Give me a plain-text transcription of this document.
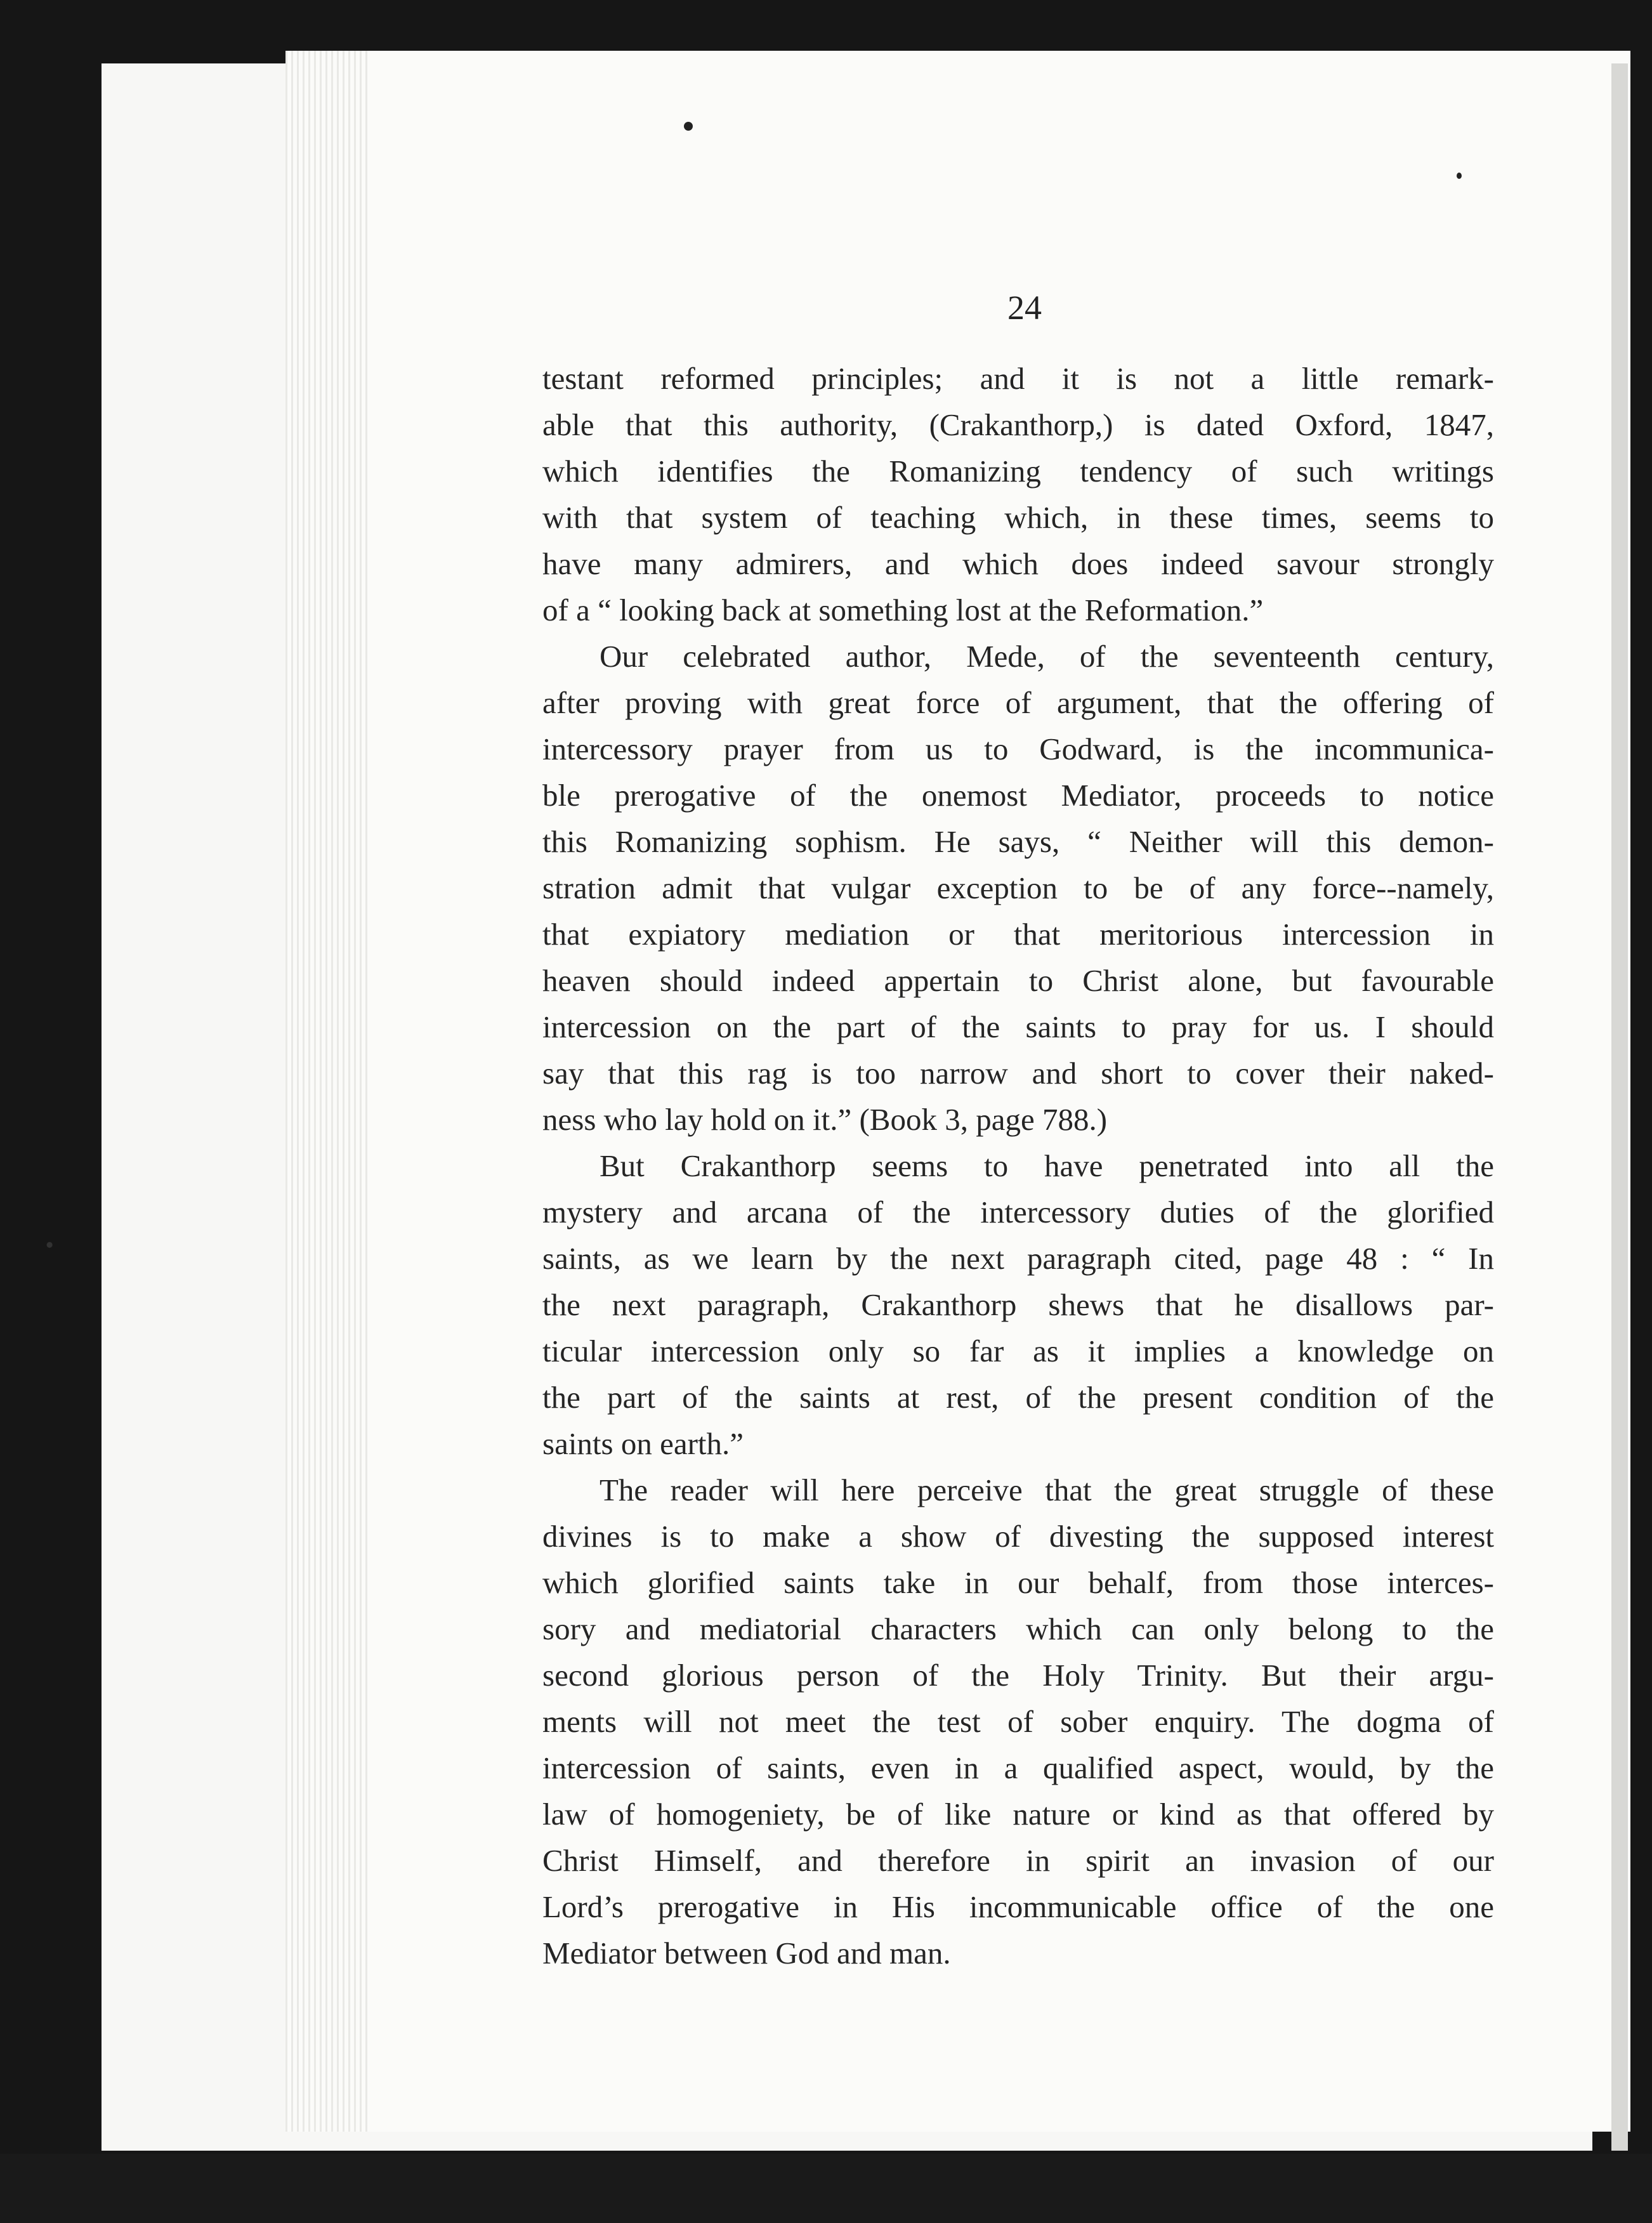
24
testant reformed principles; and it is not a little remark-
able that this authority, (Crakanthorp,) is dated Oxford, 1847,
which identifies the Romanizing tendency of such writings
with that system of teaching which, in these times, seems to
have many admirers, and which does indeed savour strongly
of a “ looking back at something lost at the Reformation.”
Our celebrated author, Mede, of the seventeenth century,
after proving with great force of argument, that the offering of
intercessory prayer from us to Godward, is the incommunica-
ble prerogative of the onemost Mediator, proceeds to notice
this Romanizing sophism. He says, “ Neither will this demon-
stration admit that vulgar exception to be of any force--namely,
that expiatory mediation or that meritorious intercession in
heaven should indeed appertain to Christ alone, but favourable
intercession on the part of the saints to pray for us. I should
say that this rag is too narrow and short to cover their naked-
ness who lay hold on it.” (Book 3, page 788.)
But Crakanthorp seems to have penetrated into all the
mystery and arcana of the intercessory duties of the glorified
saints, as we learn by the next paragraph cited, page 48 : “ In
the next paragraph, Crakanthorp shews that he disallows par-
ticular intercession only so far as it implies a knowledge on
the part of the saints at rest, of the present condition of the
saints on earth.”
The reader will here perceive that the great struggle of these
divines is to make a show of divesting the supposed interest
which glorified saints take in our behalf, from those interces-
sory and mediatorial characters which can only belong to the
second glorious person of the Holy Trinity. But their argu-
ments will not meet the test of sober enquiry. The dogma of
intercession of saints, even in a qualified aspect, would, by the
law of homogeniety, be of like nature or kind as that offered by
Christ Himself, and therefore in spirit an invasion of our
Lord’s prerogative in His incommunicable office of the one
Mediator between God and man.
